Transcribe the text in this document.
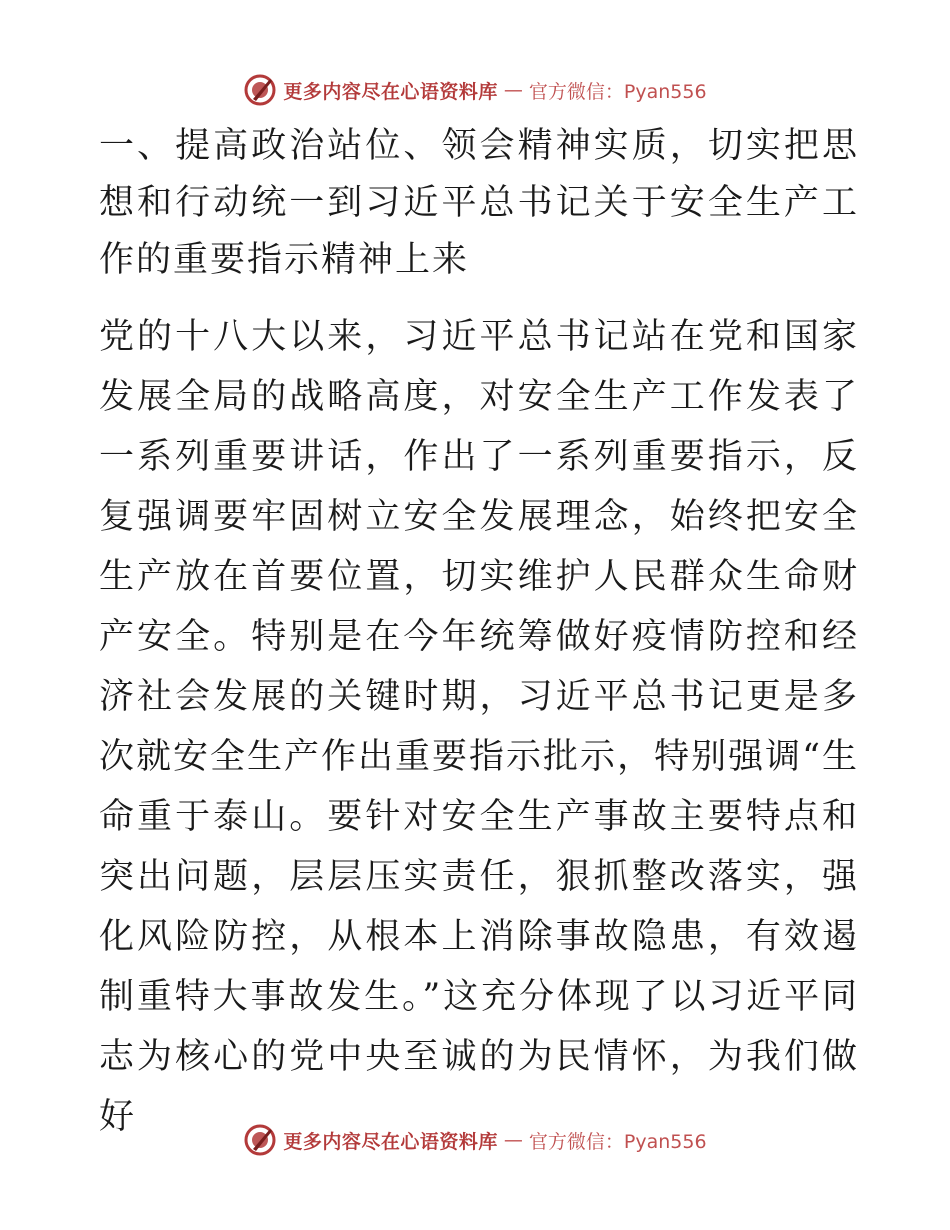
更多内容尽在心语资料库 — 官方微信：Pyan556

一、提高政治站位、领会精神实质，切实把思想和行动统一到习近平总书记关于安全生产工作的重要指示精神上来

党的十八大以来，习近平总书记站在党和国家发展全局的战略高度，对安全生产工作发表了一系列重要讲话，作出了一系列重要指示，反复强调要牢固树立安全发展理念，始终把安全生产放在首要位置，切实维护人民群众生命财产安全。特别是在今年统筹做好疫情防控和经济社会发展的关键时期，习近平总书记更是多次就安全生产作出重要指示批示，特别强调“生命重于泰山。要针对安全生产事故主要特点和突出问题，层层压实责任，狠抓整改落实，强化风险防控，从根本上消除事故隐患，有效遏制重特大事故发生。”这充分体现了以习近平同志为核心的党中央至诚的为民情怀，为我们做好

更多内容尽在心语资料库 — 官方微信：Pyan556
